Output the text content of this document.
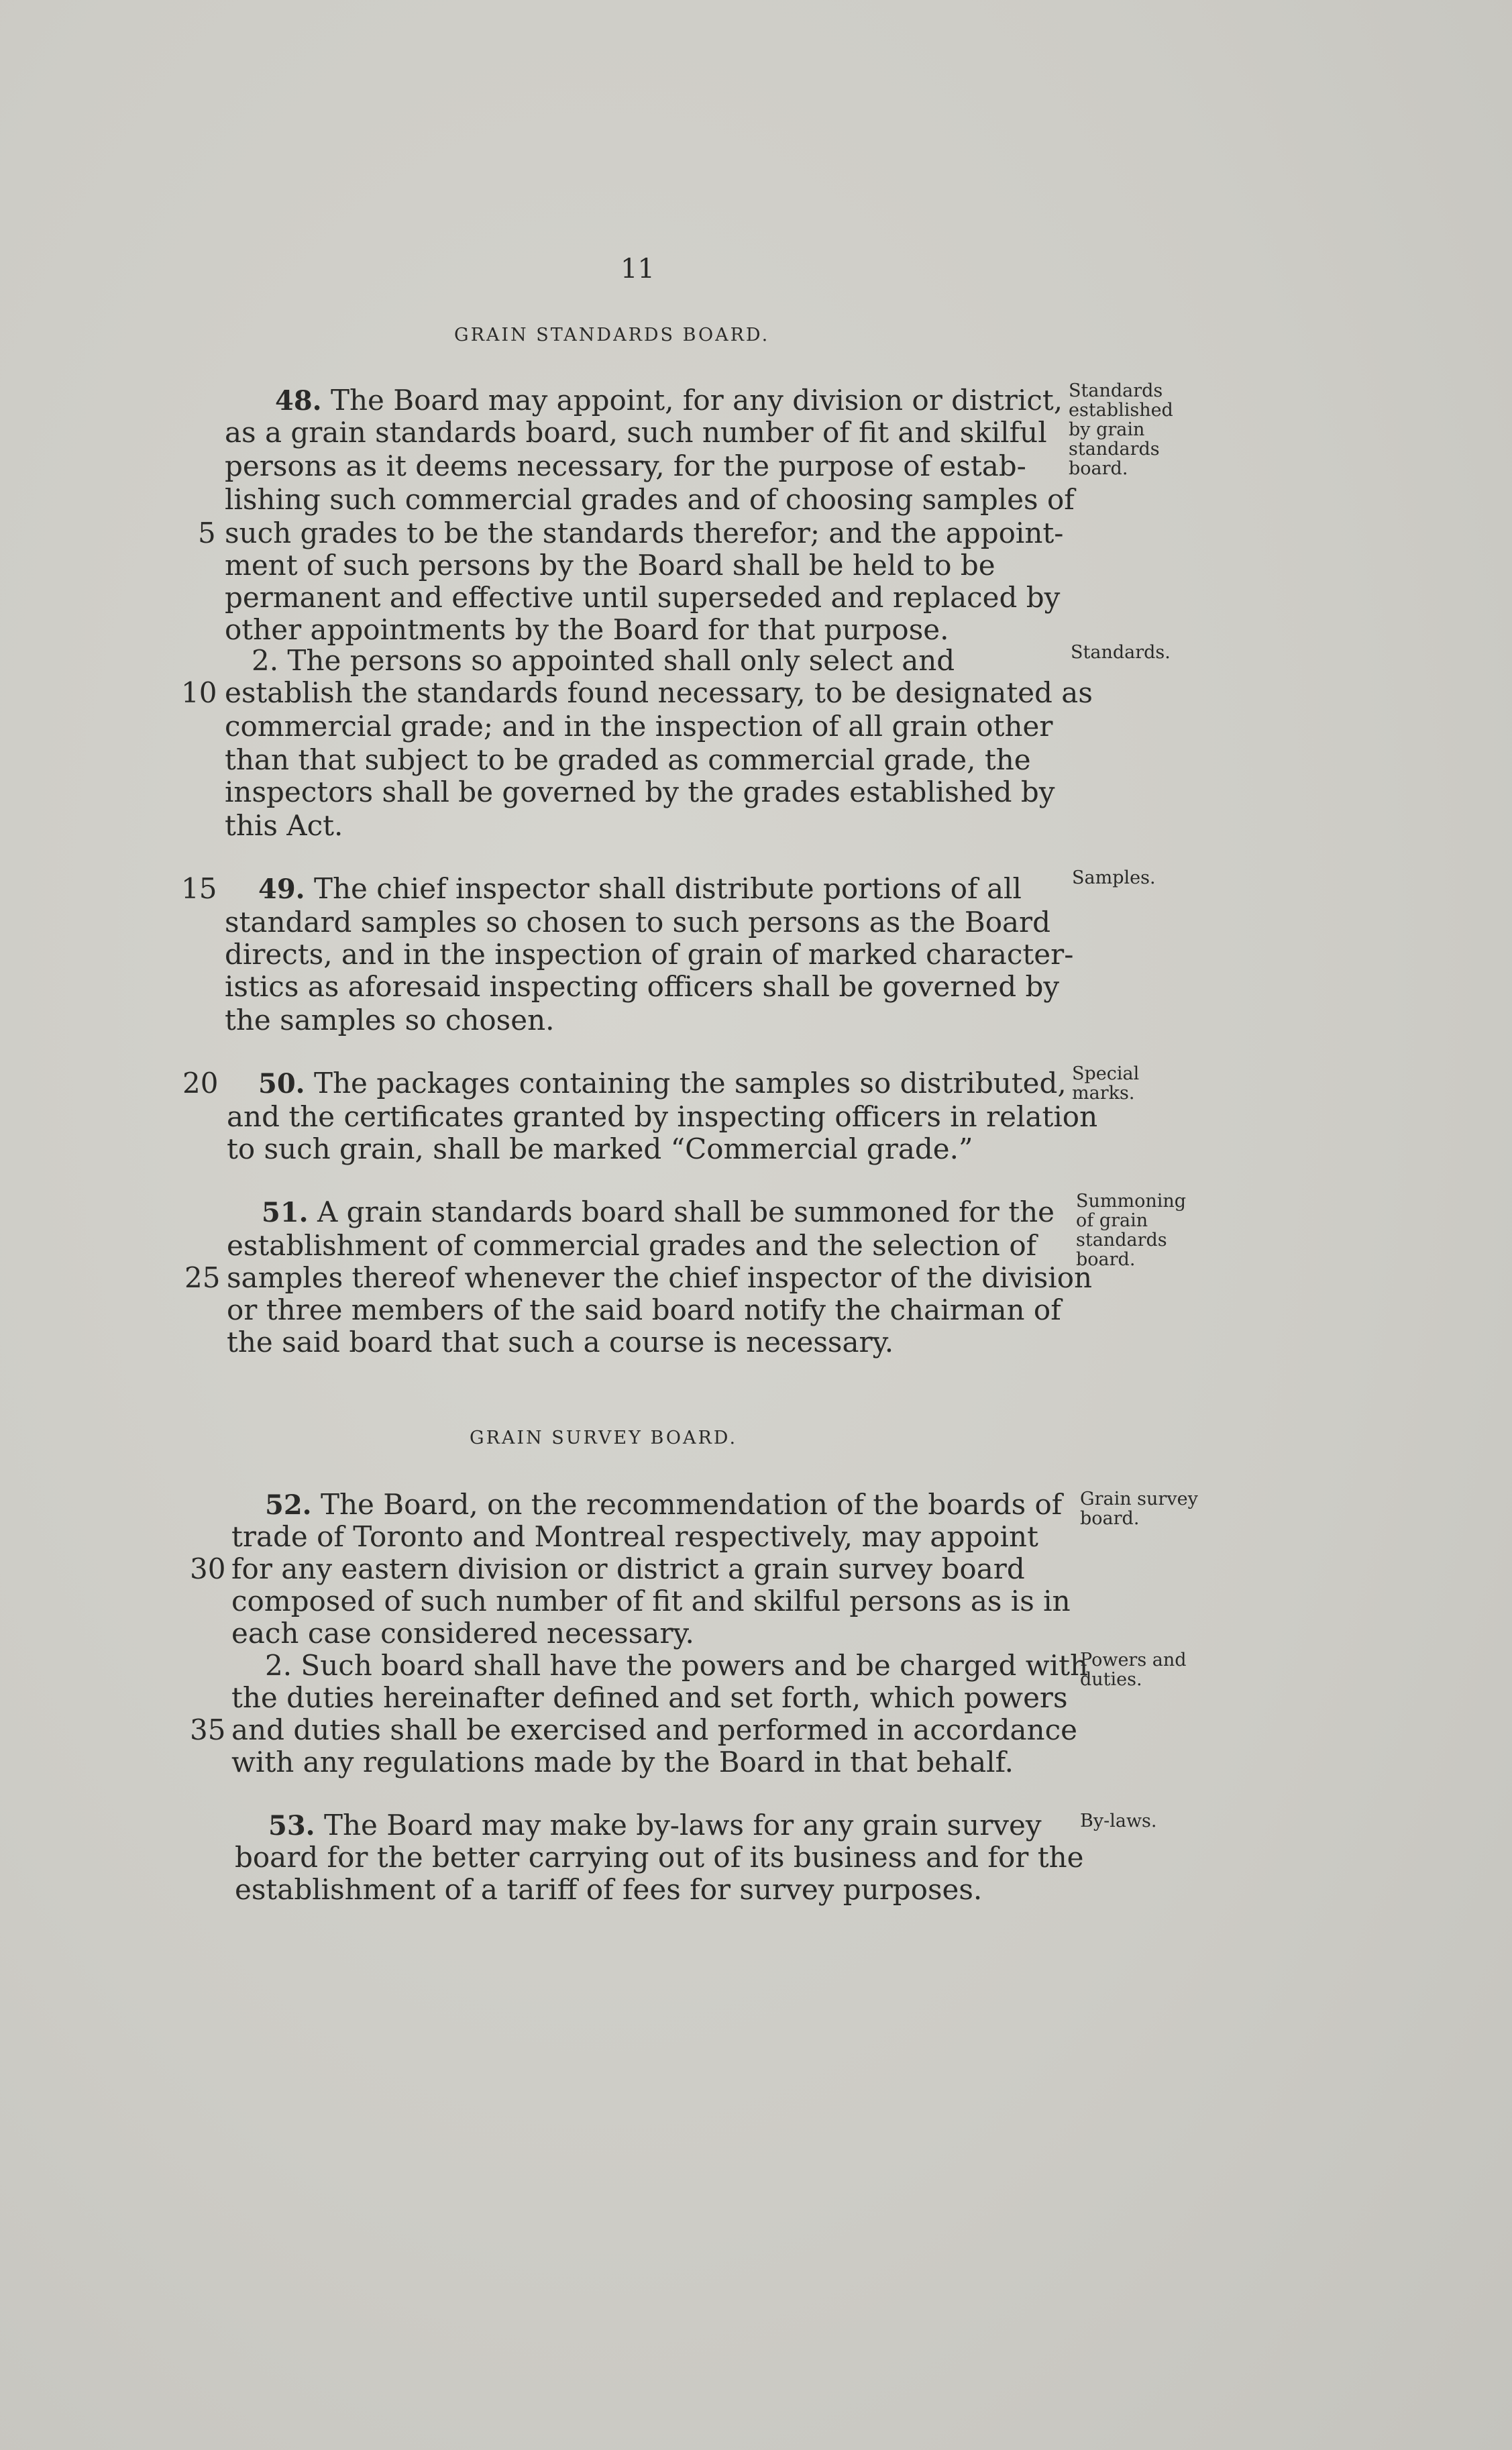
11
GRAIN STANDARDS BOARD.
GRAIN SURVEY BOARD.
48. The Board may appoint, for any division or district,
as a grain standards board, such number of fit and skilful
persons as it deems necessary, for the purpose of estab-
lishing such commercial grades and of choosing samples of
such grades to be the standards therefor; and the appoint-
ment of such persons by the Board shall be held to be
permanent and effective until superseded and replaced by
other appointments by the Board for that purpose.
2. The persons so appointed shall only select and
establish the standards found necessary, to be designated as
commercial grade; and in the inspection of all grain other
than that subject to be graded as commercial grade, the
inspectors shall be governed by the grades established by
this Act.
49. The chief inspector shall distribute portions of all
standard samples so chosen to such persons as the Board
directs, and in the inspection of grain of marked character-
istics as aforesaid inspecting officers shall be governed by
the samples so chosen.
50. The packages containing the samples so distributed,
and the certificates granted by inspecting officers in relation
to such grain, shall be marked “Commercial grade.”
51. A grain standards board shall be summoned for the
establishment of commercial grades and the selection of
samples thereof whenever the chief inspector of the division
or three members of the said board notify the chairman of
the said board that such a course is necessary.
52. The Board, on the recommendation of the boards of
trade of Toronto and Montreal respectively, may appoint
for any eastern division or district a grain survey board
composed of such number of fit and skilful persons as is in
each case considered necessary.
2. Such board shall have the powers and be charged with
the duties hereinafter defined and set forth, which powers
and duties shall be exercised and performed in accordance
with any regulations made by the Board in that behalf.
53. The Board may make by-laws for any grain survey
board for the better carrying out of its business and for the
establishment of a tariff of fees for survey purposes.
5
10
15
20
25
30
35
Standards
established
by grain
standards
board.
Standards.
Samples.
Special
marks.
Summoning
of grain
standards
board.
Grain survey
board.
Powers and
duties.
By-laws.
